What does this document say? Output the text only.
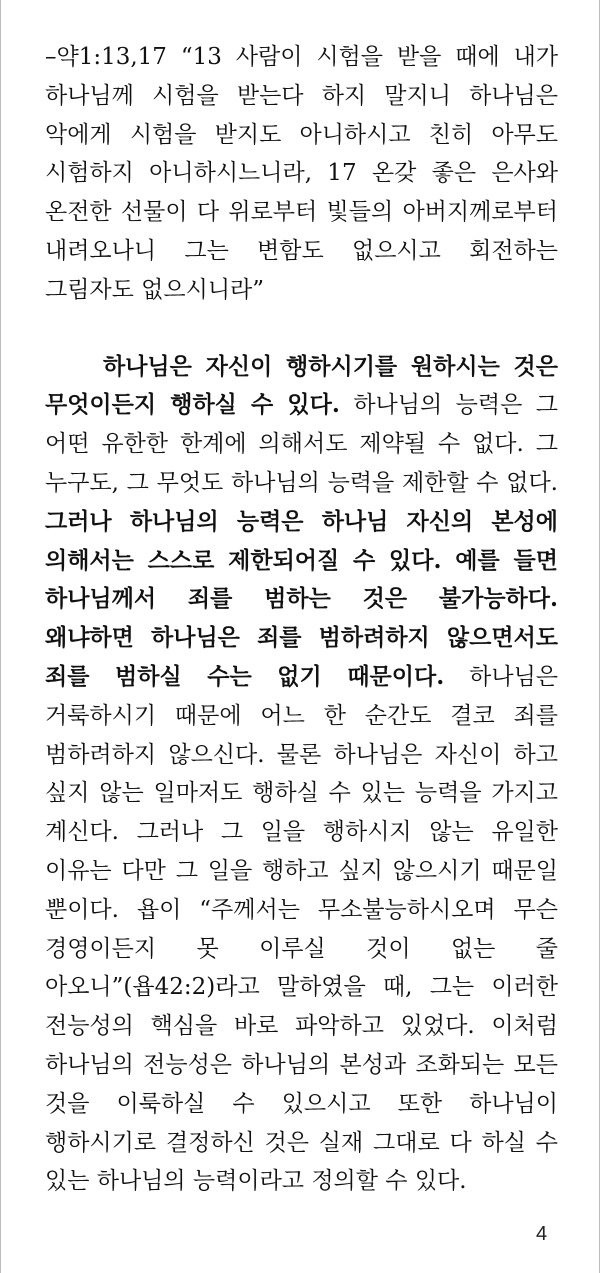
–약1:13,17 “13 사람이 시험을 받을 때에 내가 하나님께 시험을 받는다 하지 말지니 하나님은 악에게 시험을 받지도 아니하시고 친히 아무도 시험하지 아니하시느니라, 17 온갖 좋은 은사와 온전한 선물이 다 위로부터 빛들의 아버지께로부터 내려오나니 그는 변함도 없으시고 회전하는 그림자도 없으시니라”

하나님은 자신이 행하시기를 원하시는 것은 무엇이든지 행하실 수 있다. 하나님의 능력은 그 어떤 유한한 한계에 의해서도 제약될 수 없다. 그 누구도, 그 무엇도 하나님의 능력을 제한할 수 없다. 그러나 하나님의 능력은 하나님 자신의 본성에 의해서는 스스로 제한되어질 수 있다. 예를 들면 하나님께서 죄를 범하는 것은 불가능하다. 왜냐하면 하나님은 죄를 범하려하지 않으면서도 죄를 범하실 수는 없기 때문이다. 하나님은 거룩하시기 때문에 어느 한 순간도 결코 죄를 범하려하지 않으신다. 물론 하나님은 자신이 하고 싶지 않는 일마저도 행하실 수 있는 능력을 가지고 계신다. 그러나 그 일을 행하시지 않는 유일한 이유는 다만 그 일을 행하고 싶지 않으시기 때문일 뿐이다. 욥이 “주께서는 무소불능하시오며 무슨 경영이든지 못 이루실 것이 없는 줄 아오니”(욥42:2)라고 말하였을 때, 그는 이러한 전능성의 핵심을 바로 파악하고 있었다. 이처럼 하나님의 전능성은 하나님의 본성과 조화되는 모든 것을 이룩하실 수 있으시고 또한 하나님이 행하시기로 결정하신 것은 실재 그대로 다 하실 수 있는 하나님의 능력이라고 정의할 수 있다.

4
